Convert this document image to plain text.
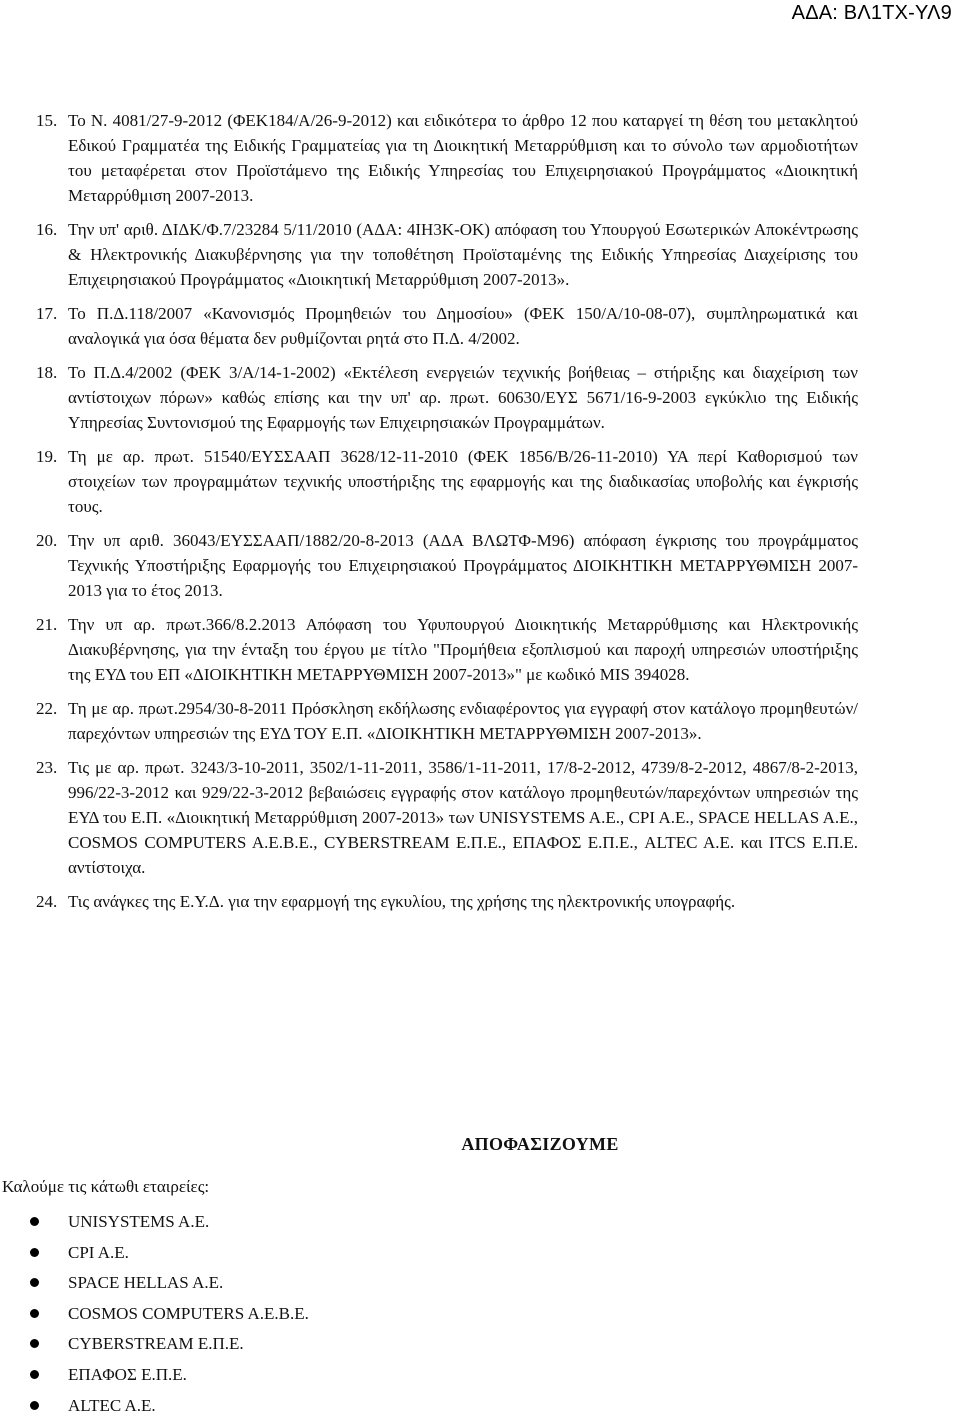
ΑΔΑ: ΒΛ1ΤΧ-ΥΛ9
15. Το Ν. 4081/27-9-2012 (ΦΕΚ184/Α/26-9-2012) και ειδικότερα το άρθρο 12 που καταργεί τη θέση του μετακλητού Εδικού Γραμματέα της Ειδικής Γραμματείας για τη Διοικητική Μεταρρύθμιση και το σύνολο των αρμοδιοτήτων του μεταφέρεται στον Προϊστάμενο της Ειδικής Υπηρεσίας του Επιχειρησιακού Προγράμματος «Διοικητική Μεταρρύθμιση 2007-2013.
16. Την υπ' αριθ. ΔΙΔΚ/Φ.7/23284 5/11/2010 (ΑΔΑ: 4ΙΗ3Κ-ΟΚ) απόφαση του Υπουργού Εσωτερικών Αποκέντρωσης & Ηλεκτρονικής Διακυβέρνησης για την τοποθέτηση Προϊσταμένης της Ειδικής Υπηρεσίας Διαχείρισης του Επιχειρησιακού Προγράμματος «Διοικητική Μεταρρύθμιση 2007-2013».
17. Το Π.Δ.118/2007 «Κανονισμός Προμηθειών του Δημοσίου» (ΦΕΚ 150/Α/10-08-07), συμπληρωματικά και αναλογικά για όσα θέματα δεν ρυθμίζονται ρητά στο Π.Δ. 4/2002.
18. Το Π.Δ.4/2002 (ΦΕΚ 3/Α/14-1-2002) «Εκτέλεση ενεργειών τεχνικής βοήθειας – στήριξης και διαχείριση των αντίστοιχων πόρων» καθώς επίσης και την υπ' αρ. πρωτ. 60630/ΕΥΣ 5671/16-9-2003 εγκύκλιο της Ειδικής Υπηρεσίας Συντονισμού της Εφαρμογής των Επιχειρησιακών Προγραμμάτων.
19. Τη με αρ. πρωτ. 51540/ΕΥΣΣΑΑΠ 3628/12-11-2010 (ΦΕΚ 1856/Β/26-11-2010) ΥΑ περί Καθορισμού των στοιχείων των προγραμμάτων τεχνικής υποστήριξης της εφαρμογής και της διαδικασίας υποβολής και έγκρισής τους.
20. Την υπ αριθ. 36043/ΕΥΣΣΑΑΠ/1882/20-8-2013 (ΑΔΑ ΒΛΩΤΦ-Μ96) απόφαση έγκρισης του προγράμματος Τεχνικής Υποστήριξης Εφαρμογής του Επιχειρησιακού Προγράμματος ΔΙΟΙΚΗΤΙΚΗ ΜΕΤΑΡΡΥΘΜΙΣΗ 2007-2013 για το έτος 2013.
21. Την υπ αρ. πρωτ.366/8.2.2013 Απόφαση του Υφυπουργού Διοικητικής Μεταρρύθμισης και Ηλεκτρονικής Διακυβέρνησης, για την ένταξη του έργου με τίτλο "Προμήθεια εξοπλισμού και παροχή υπηρεσιών υποστήριξης της ΕΥΔ του ΕΠ «ΔΙΟΙΚΗΤΙΚΗ ΜΕΤΑΡΡΥΘΜΙΣΗ 2007-2013»" με κωδικό MIS 394028.
22. Τη με αρ. πρωτ.2954/30-8-2011 Πρόσκληση εκδήλωσης ενδιαφέροντος για εγγραφή στον κατάλογο προμηθευτών/παρεχόντων υπηρεσιών της ΕΥΔ ΤΟΥ Ε.Π. «ΔΙΟΙΚΗΤΙΚΗ ΜΕΤΑΡΡΥΘΜΙΣΗ 2007-2013».
23. Τις με αρ. πρωτ. 3243/3-10-2011, 3502/1-11-2011, 3586/1-11-2011, 17/8-2-2012, 4739/8-2-2012, 4867/8-2-2013, 996/22-3-2012 και 929/22-3-2012 βεβαιώσεις εγγραφής στον κατάλογο προμηθευτών/παρεχόντων υπηρεσιών της ΕΥΔ του Ε.Π. «Διοικητική Μεταρρύθμιση 2007-2013» των UNISYSTEMS A.E., CPI A.E., SPACE HELLAS A.E., COSMOS COMPUTERS A.E.B.E., CYBERSTREAM Ε.Π.Ε., ΕΠΑΦΟΣ Ε.Π.Ε., ALTEC A.E. και ITCS Ε.Π.Ε. αντίστοιχα.
24. Τις ανάγκες της Ε.Υ.Δ. για την εφαρμογή της εγκυλίου, της χρήσης της ηλεκτρονικής υπογραφής.
ΑΠΟΦΑΣΙΖΟΥΜΕ
Καλούμε τις κάτωθι εταιρείες:
UNISYSTEMS A.E.
CPI A.E.
SPACE HELLAS A.E.
COSMOS COMPUTERS A.E.B.E.
CYBERSTREAM E.Π.Ε.
ΕΠΑΦΟΣ Ε.Π.Ε.
ALTEC A.E.
